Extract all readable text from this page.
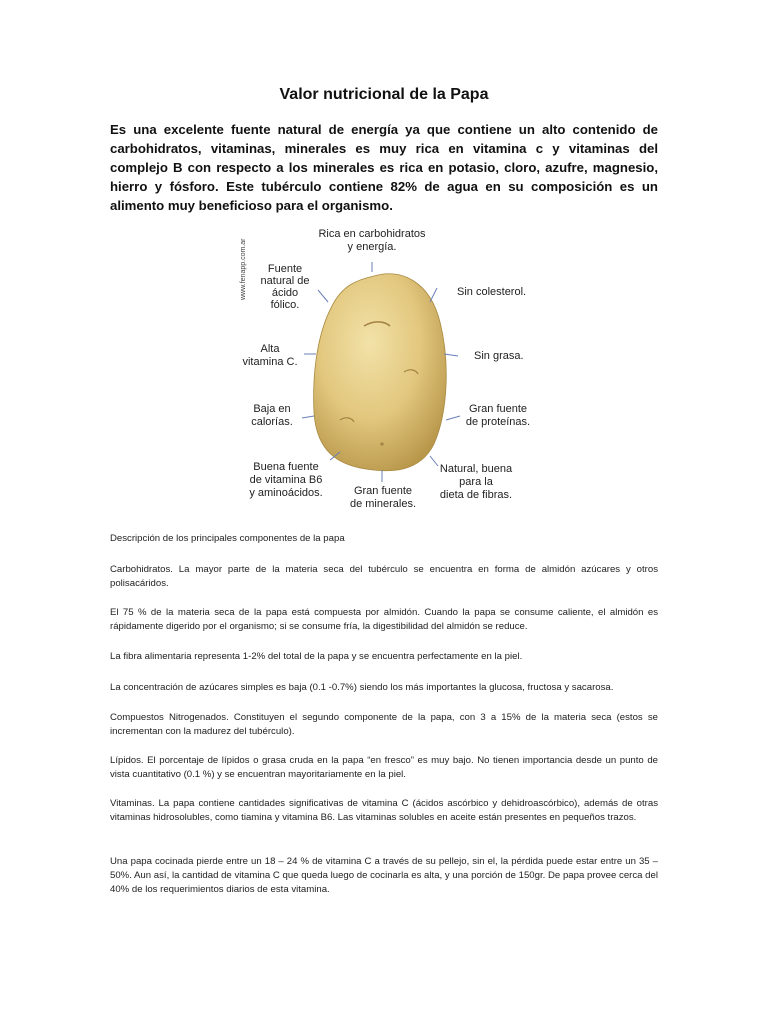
Valor nutricional de la Papa

Es una excelente fuente natural de energía ya que contiene un alto contenido de carbohidratos, vitaminas, minerales es muy rica en vitamina c y vitaminas del complejo B con respecto a los minerales es rica en potasio, cloro, azufre, magnesio, hierro y fósforo. Este tubérculo contiene 82% de agua en su composición es un alimento muy beneficioso para el organismo.

www.fenapp.com.ar
Rica en carbohidratos
y energía.
Fuente
natural de
ácido
fólico.
Sin colesterol.
Alta
vitamina C.	Sin grasa.
Baja en
calorías.
Gran fuente
de proteínas.
Buena fuente
de vitamina B6
y aminoácidos.	Gran fuente
de minerales.
Natural, buena
para la
dieta de fibras.

Descripción de los principales componentes de la papa

Carbohidratos. La mayor parte de la materia seca del tubérculo se encuentra en forma de almidón azúcares y otros polisacáridos.

El 75 % de la materia seca de la papa está compuesta por almidón. Cuando la papa se consume caliente, el almidón es rápidamente digerido por el organismo; si se consume fría, la digestibilidad del almidón se reduce.

La fibra alimentaria representa 1-2% del total de la papa y se encuentra perfectamente en la piel.

La concentración de azúcares simples es baja (0.1 -0.7%) siendo los más importantes la glucosa, fructosa y sacarosa.

Compuestos Nitrogenados. Constituyen el segundo componente de la papa, con 3 a 15% de la materia seca (estos se incrementan con la madurez del tubérculo).

Lípidos. El porcentaje de lípidos o grasa cruda en la papa “en fresco” es muy bajo. No tienen importancia desde un punto de vista cuantitativo (0.1 %) y se encuentran mayoritariamente en la piel.

Vitaminas. La papa contiene cantidades significativas de vitamina C (ácidos ascórbico y dehidroascórbico), además de otras vitaminas hidrosolubles, como tiamina y vitamina B6. Las vitaminas solubles en aceite están presentes en pequeños trazos.

Una papa cocinada pierde entre un 18 – 24 % de vitamina C a través de su pellejo, sin el, la pérdida puede estar entre un 35 – 50%. Aun así, la cantidad de vitamina C que queda luego de cocinarla es alta, y una porción de 150gr. De papa provee cerca del 40% de los requerimientos diarios de esta vitamina.
